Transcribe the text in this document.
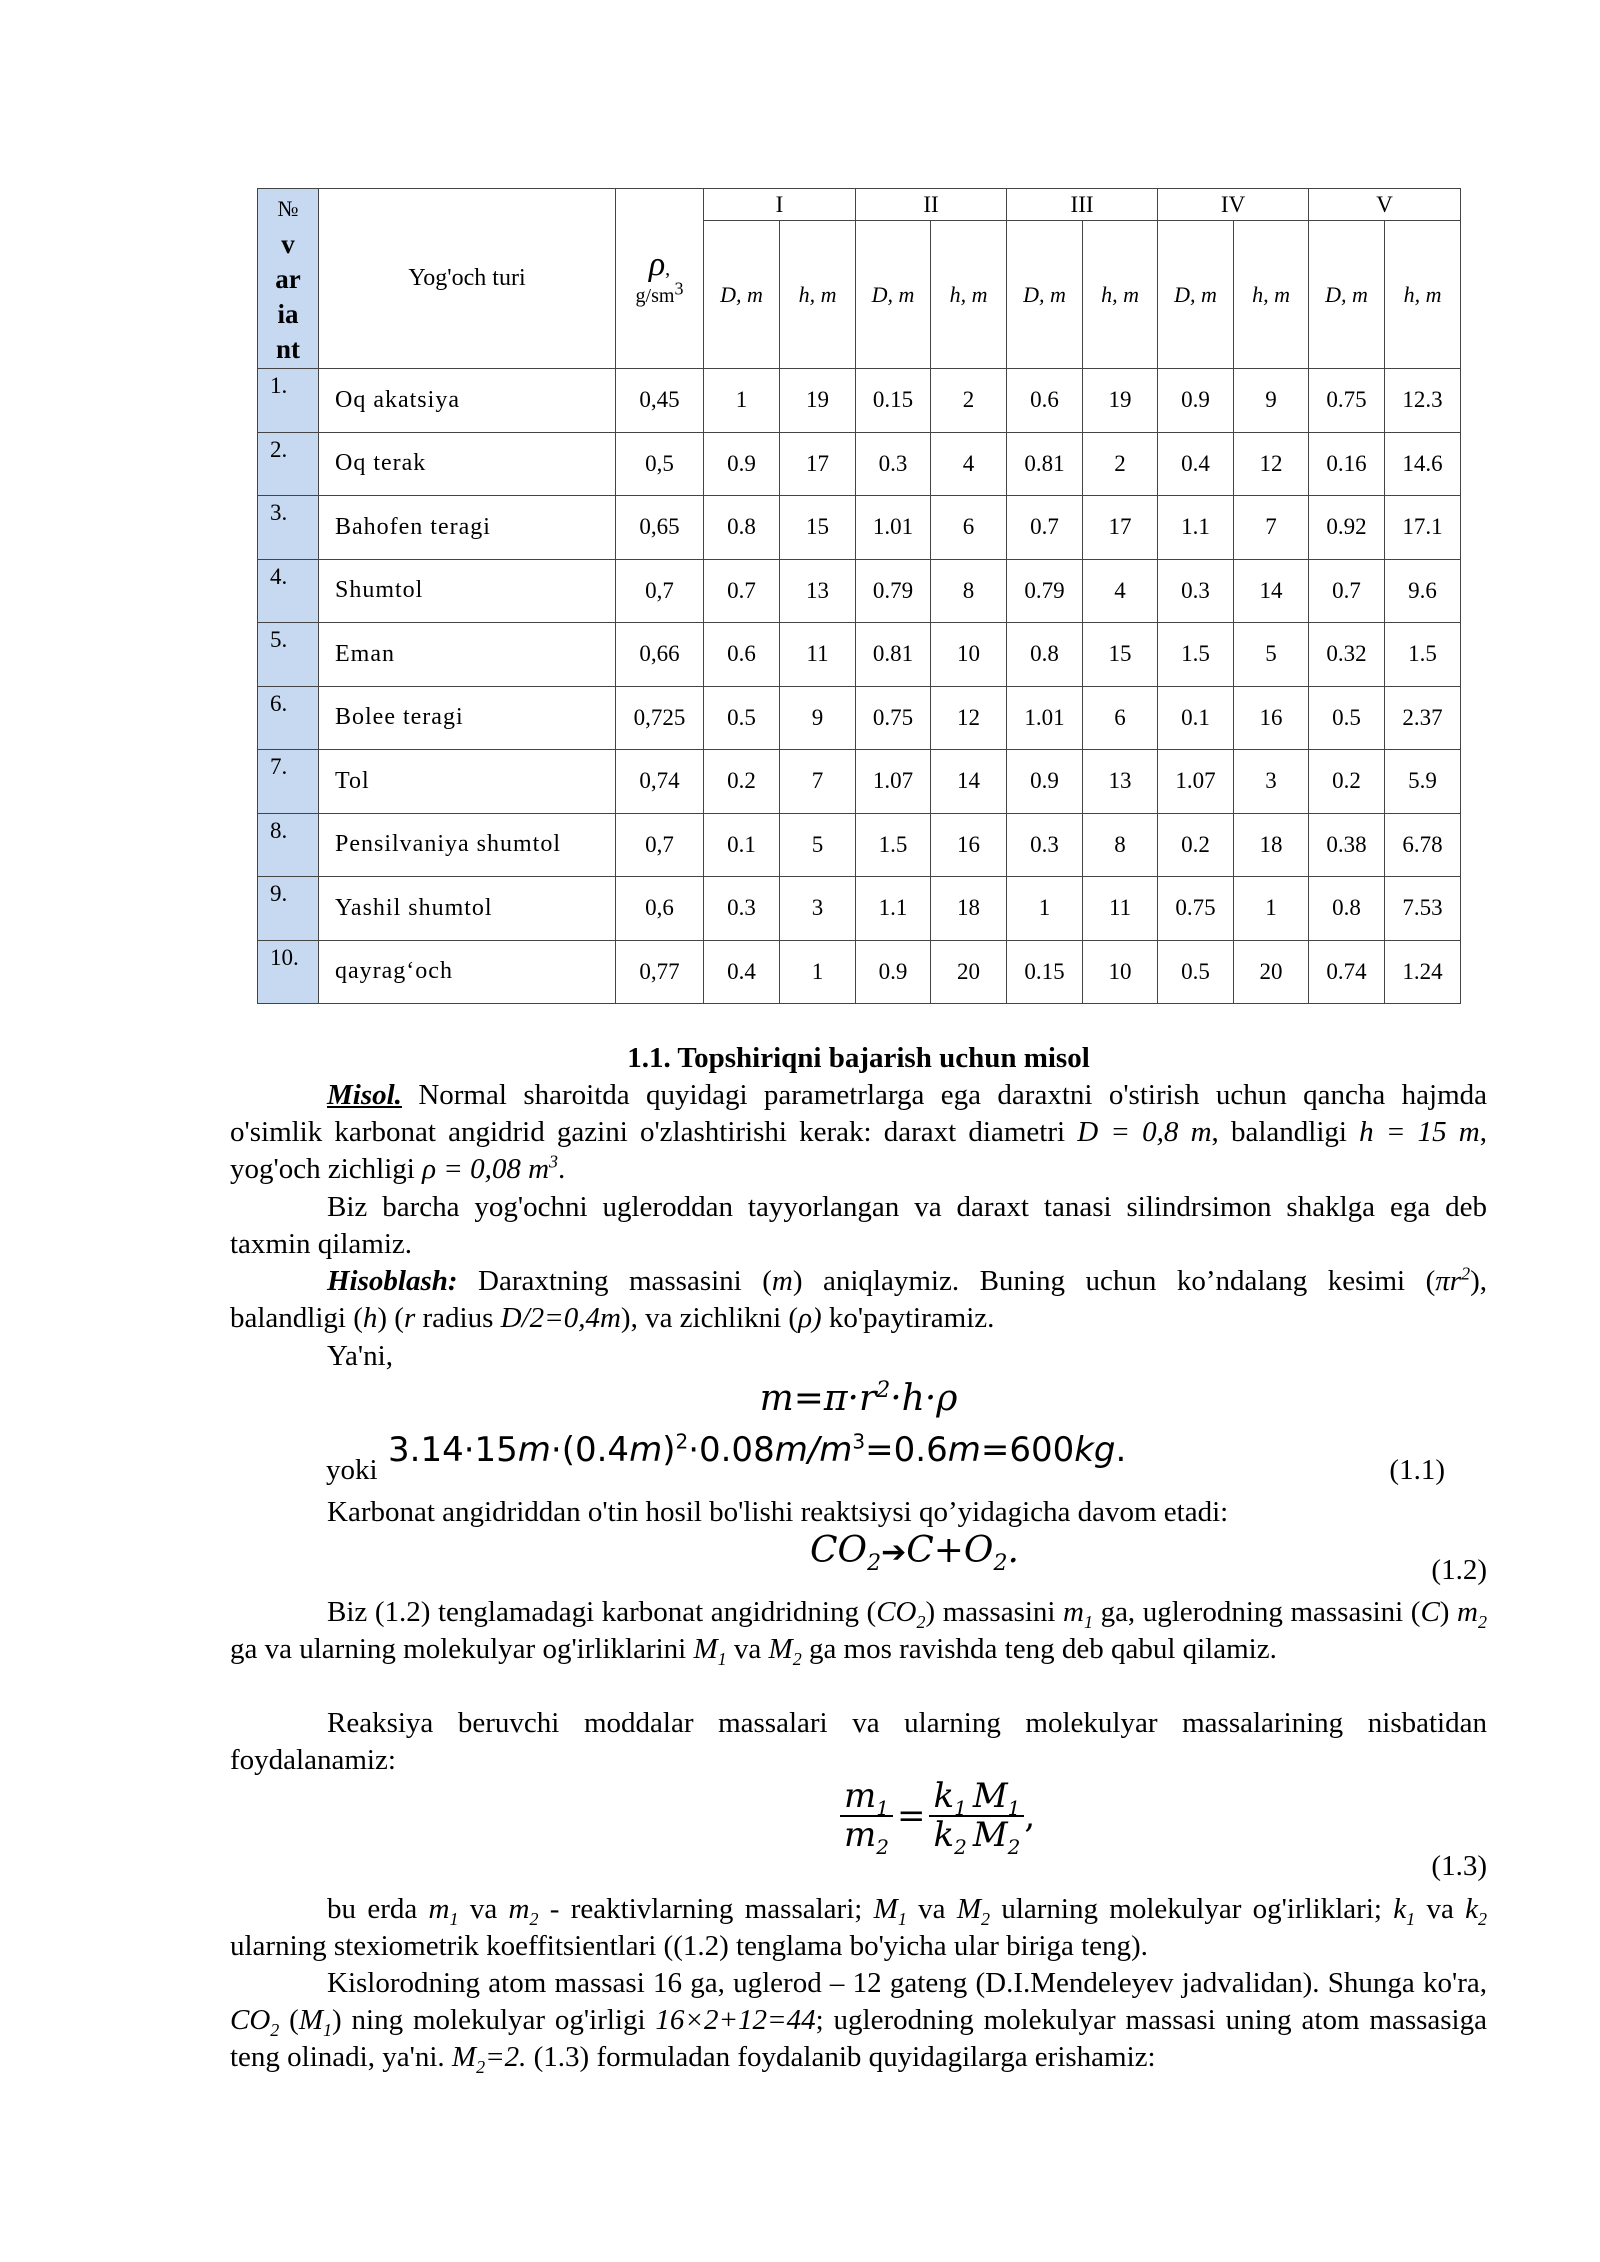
№
v
ar
ia
nt	Yog'och turi	ρ,
$g/sm^3$	I		II		III		IV		V	
			D, m	h, m	D, m	h, m	D, m	h, m	D, m	h, m	D, m	h, m
1.	Oq akatsiya	0,45	1	19	0.15	2	0.6	19	0.9	9	0.75	12.3
2.	Oq terak	0,5	0.9	17	0.3	4	0.81	2	0.4	12	0.16	14.6
3.	Bahofen teragi	0,65	0.8	15	1.01	6	0.7	17	1.1	7	0.92	17.1
4.	Shumtol	0,7	0.7	13	0.79	8	0.79	4	0.3	14	0.7	9.6
5.	Eman	0,66	0.6	11	0.81	10	0.8	15	1.5	5	0.32	1.5
6.	Bolee teragi	0,725	0.5	9	0.75	12	1.01	6	0.1	16	0.5	2.37
7.	Tol	0,74	0.2	7	1.07	14	0.9	13	1.07	3	0.2	5.9
8.	Pensilvaniya shumtol	0,7	0.1	5	1.5	16	0.3	8	0.2	18	0.38	6.78
9.	Yashil shumtol	0,6	0.3	3	1.1	18	1	11	0.75	1	0.8	7.53
10.	qayrag‘och	0,77	0.4	1	0.9	20	0.15	10	0.5	20	0.74	1.24
1.1. Topshiriqni bajarish uchun misol
Misol. Normal sharoitda quyidagi parametrlarga ega daraxtni o'stirish uchun qancha hajmda o'simlik karbonat angidrid gazini o'zlashtirishi kerak: daraxt diametri D = 0,8 m, balandligi h = 15 m, yog'och zichligi ρ = 0,08 $m^3$.
Biz barcha yog'ochni ugleroddan tayyorlangan va daraxt tanasi silindrsimon shaklga ega deb taxmin qilamiz.
Hisoblash: Daraxtning massasini (m) aniqlaymiz. Buning uchun ko’ndalang kesimi $(\pi r^2)$, balandligi (h) (r radius D/2=0,4m), va zichlikni (ρ) ko'paytiramiz.
Ya'ni,
$m=\pi\cdot r^2\cdot h\cdot\rho$
yoki $3.14\cdot 15m\cdot(0.4m)^2\cdot 0.08m/m^3=0.6m=600kg$.	(1.1)
Karbonat angidriddan o'tin hosil bo'lishi reaktsiysi qo’yidagicha davom etadi:
$CO_2➔C+O_2$.	(1.2)
Biz (1.2) tenglamadagi karbonat angidridning $(CO_2)$ massasini $m_1$ ga, uglerodning massasini (C) $m_2$ ga va ularning molekulyar og'irliklarini $M_1$ va $M_2$ ga mos ravishda teng deb qabul qilamiz.
Reaksiya beruvchi moddalar massalari va ularning molekulyar massalarining nisbatidan foydalanamiz:
$\frac{m_1}{m_2} = \frac{k_1 M_1}{k_2 M_2}$ ,
(1.3)
bu erda $m_1$ va $m_2$ - reaktivlarning massalari; $M_1$ va $M_2$ ularning molekulyar og'irliklari; $k_1$ va $k_2$ ularning stexiometrik koeffitsientlari ((1.2) tenglama bo'yicha ular biriga teng).
Kislorodning atom massasi 16 ga, uglerod – 12 gateng (D.I.Mendeleyev jadvalidan). Shunga ko'ra, $CO_2$ $(M_1)$ ning molekulyar og'irligi 16×2+12=44; uglerodning molekulyar massasi uning atom massasiga teng olinadi, ya'ni. $M_2=2$. (1.3) formuladan foydalanib quyidagilarga erishamiz:
